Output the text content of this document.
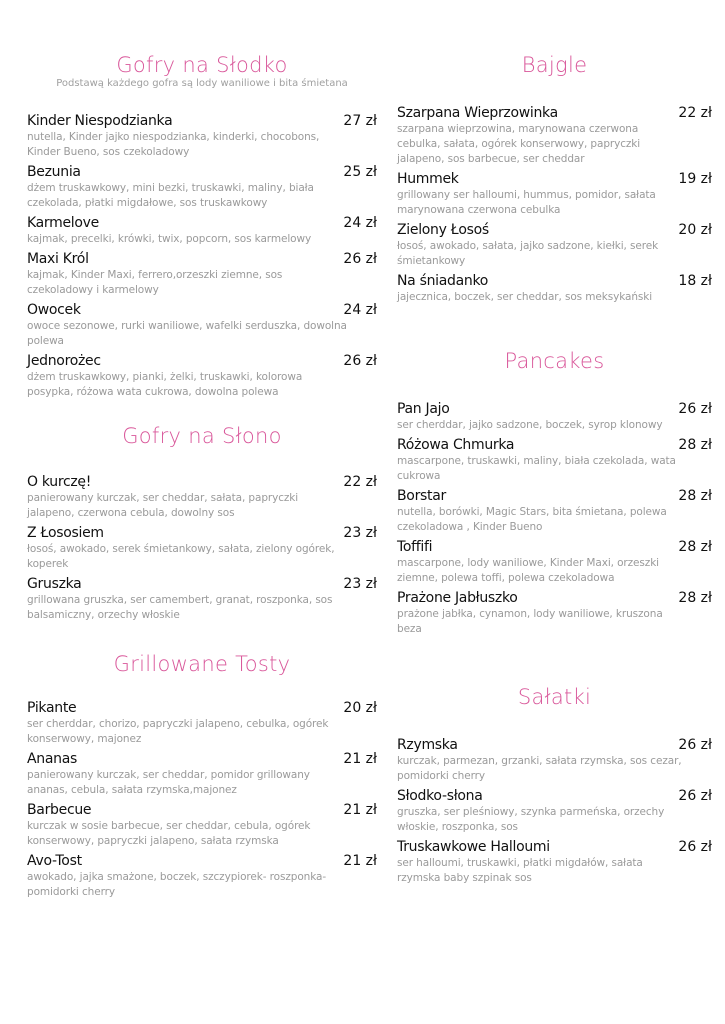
Gofry na Słodko
Podstawą każdego gofra są lody waniliowe i bita śmietana
Kinder Niespodzianka	27 zł
nutella, Kinder jajko niespodzianka, kinderki, chocobons, Kinder Bueno, sos czekoladowy
Bezunia	25 zł
dżem truskawkowy, mini bezki, truskawki, maliny, biała czekolada, płatki migdałowe, sos truskawkowy
Karmelove	24 zł
kajmak, precelki, krówki, twix, popcorn, sos karmelowy
Maxi Król	26 zł
kajmak, Kinder Maxi, ferrero,orzeszki ziemne, sos czekoladowy i karmelowy
Owocek	24 zł
owoce sezonowe, rurki waniliowe, wafelki serduszka, dowolna polewa
Jednorożec	26 zł
dżem truskawkowy, pianki, żelki, truskawki, kolorowa posypka, różowa wata cukrowa, dowolna polewa
Gofry na Słono
O kurczę!	22 zł
panierowany kurczak, ser cheddar, sałata, papryczki jalapeno, czerwona cebula, dowolny sos
Z Łososiem	23 zł
łosoś, awokado, serek śmietankowy, sałata, zielony ogórek, koperek
Gruszka	23 zł
grillowana gruszka, ser camembert, granat, roszponka, sos balsamiczny, orzechy włoskie
Grillowane Tosty
Pikante	20 zł
ser cherddar, chorizo, papryczki jalapeno, cebulka, ogórek konserwowy, majonez
Ananas	21 zł
panierowany kurczak, ser cheddar, pomidor grillowany ananas, cebula, sałata rzymska,majonez
Barbecue	21 zł
kurczak w sosie barbecue, ser cheddar, cebula, ogórek konserwowy, papryczki jalapeno, sałata rzymska
Avo-Tost	21 zł
awokado, jajka smażone, boczek, szczypiorek- roszponka- pomidorki cherry
Bajgle
Szarpana Wieprzowinka	22 zł
szarpana wieprzowina, marynowana czerwona cebulka, sałata, ogórek konserwowy, papryczki jalapeno, sos barbecue, ser cheddar
Hummek	19 zł
grillowany ser halloumi, hummus, pomidor, sałata marynowana czerwona cebulka
Zielony Łosoś	20 zł
łosoś, awokado, sałata, jajko sadzone, kiełki, serek śmietankowy
Na śniadanko	18 zł
jajecznica, boczek, ser cheddar, sos meksykański
Pancakes
Pan Jajo	26 zł
ser cherddar, jajko sadzone, boczek, syrop klonowy
Różowa Chmurka	28 zł
mascarpone, truskawki, maliny, biała czekolada, wata cukrowa
Borstar	28 zł
nutella, borówki, Magic Stars, bita śmietana, polewa czekoladowa , Kinder Bueno
Toffifi	28 zł
mascarpone, lody waniliowe, Kinder Maxi, orzeszki ziemne, polewa toffi, polewa czekoladowa
Prażone Jabłuszko	28 zł
prażone jabłka, cynamon, lody waniliowe, kruszona beza
Sałatki
Rzymska	26 zł
kurczak, parmezan, grzanki, sałata rzymska, sos cezar, pomidorki cherry
Słodko-słona	26 zł
gruszka, ser pleśniowy, szynka parmeńska, orzechy włoskie, roszponka, sos
Truskawkowe Halloumi	26 zł
ser halloumi, truskawki, płatki migdałów, sałata rzymska baby szpinak sos
